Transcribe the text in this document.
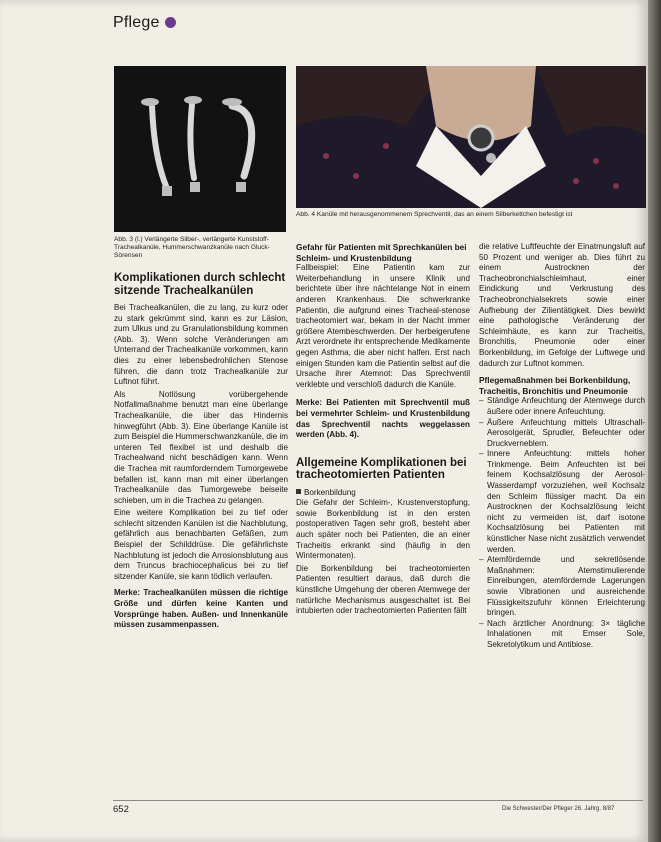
Pflege
Abb. 3 (l.) Verlängerte Silber-, verlängerte Kunststoff-Trachealkanüle, Hummerschwanzkanüle nach Gluck-Sörensen
Abb. 4 Kanüle mit herausgenommenem Sprechventil, das an einem Silberkettchen befestigt ist
Komplikationen durch schlecht sitzende Trachealkanülen

Bei Trachealkanülen, die zu lang, zu kurz oder zu stark gekrümmt sind, kann es zur Läsion, zum Ulkus und zu Granulationsbildung kommen (Abb. 3). Wenn solche Veränderungen am Unterrand der Trachealkanüle vorkommen, kann dies zu einer lebensbedrohlichen Stenose führen, die dann trotz Trachealkanüle zur Luftnot führt.

Als Notlösung vorübergehende Notfallmaßnahme benutzt man eine überlange Trachealkanüle, die über das Hindernis hinwegführt (Abb. 3). Eine überlange Kanüle ist zum Beispiel die Hummerschwanzkanüle, die im unteren Teil flexibel ist und deshalb die Trachealwand nicht beschädigen kann. Wenn die Trachea mit raumforderndem Tumorgewebe befallen ist, kann man mit einer überlangen Trachealkanüle das Tumorgewebe beiseite schieben, um in die Trachea zu gelangen.

Eine weitere Komplikation bei zu tief oder schlecht sitzenden Kanülen ist die Nachblutung, gefährlich aus benachbarten Gefäßen, zum Beispiel der Schilddrüse. Die gefährlichste Nachblutung ist jedoch die Arrosionsblutung aus dem Truncus brachiocephalicus bei zu tief sitzender Kanüle, sie kann tödlich verlaufen.

Merke: Trachealkanülen müssen die richtige Größe und dürfen keine Kanten und Vorsprünge haben. Außen- und Innenkanüle müssen zusammenpassen.

Gefahr für Patienten mit Sprechkanülen bei Schleim- und Krustenbildung

Fallbeispiel: Eine Patientin kam zur Weiterbehandlung in unsere Klinik und berichtete über ihre nächtelange Not in einem anderen Krankenhaus. Die schwerkranke Patientin, die aufgrund eines Tracheal-stenose tracheotomiert war, bekam in der Nacht immer größere Atembeschwerden. Der herbeigerufene Arzt verordnete ihr entsprechende Medikamente gegen Asthma, die aber nicht halfen. Erst nach einigen Stunden kam die Patientin selbst auf die Ursache ihrer Atemnot: Das Sprechventil verklebte und verschloß dadurch die Kanüle.

Merke: Bei Patienten mit Sprechventil muß bei vermehrter Schleim- und Krustenbildung das Sprechventil nachts weggelassen werden (Abb. 4).

Allgemeine Komplikationen bei tracheotomierten Patienten
Borkenbildung

Die Gefahr der Schleim-, Krustenverstopfung, sowie Borkenbildung ist in den ersten postoperativen Tagen sehr groß, besteht aber auch später noch bei Patienten, die an einer Tracheitis erkrankt sind (häufig in den Wintermonaten).

Die Borkenbildung bei tracheotomierten Patienten resultiert daraus, daß durch die künstliche Umgehung der oberen Atemwege der natürliche Mechanismus ausgeschaltet ist. Bei intubierten oder tracheotomierten Patienten fällt

die relative Luftfeuchte der Einatmungsluft auf 50 Prozent und weniger ab. Dies führt zu einem Austrocknen der Tracheobronchialschleimhaut, einer Eindickung und Verkrustung des Tracheobronchialsekrets sowie einer Aufhebung der Zilientätigkeit. Dies bewirkt eine pathologische Veränderung der Schleimhäute, es kann zur Tracheitis, Bronchitis, Pneumonie oder einer Borkenbildung, im Gefolge der Luftwege und dadurch zur Luftnot kommen.

Pflegemaßnahmen bei Borkenbildung, Tracheitis, Bronchitis und Pneumonie
– Ständige Anfeuchtung der Atemwege durch äußere oder innere Anfeuchtung.
– Äußere Anfeuchtung mittels Ultraschall-Aerosolgerät, Sprudler, Befeuchter oder Druckverneblern.
– Innere Anfeuchtung: mittels hoher Trinkmenge. Beim Anfeuchten ist bei feinem Kochsalzlösung der Aerosol-Wasserdampf vorzuziehen, weil Kochsalz den Schleim flüssiger macht. Da ein Austrocknen der Kochsalzlösung leicht nicht zu vermeiden ist, darf isotone Kochsalzlösung bei Patienten mit künstlicher Nase nicht zusätzlich verwendet werden.
– Atemfördernde und sekretlösende Maßnahmen: Atemstimulierende Einreibungen, atemfördernde Lagerungen sowie Vibrationen und ausreichende Flüssigkeitszufuhr können Erleichterung bringen.
– Nach ärztlicher Anordnung: 3× tägliche Inhalationen mit Emser Sole, Sekretolytikum und Antibiose.
652	Die Schwester/Der Pfleger 26. Jahrg. 8/87
